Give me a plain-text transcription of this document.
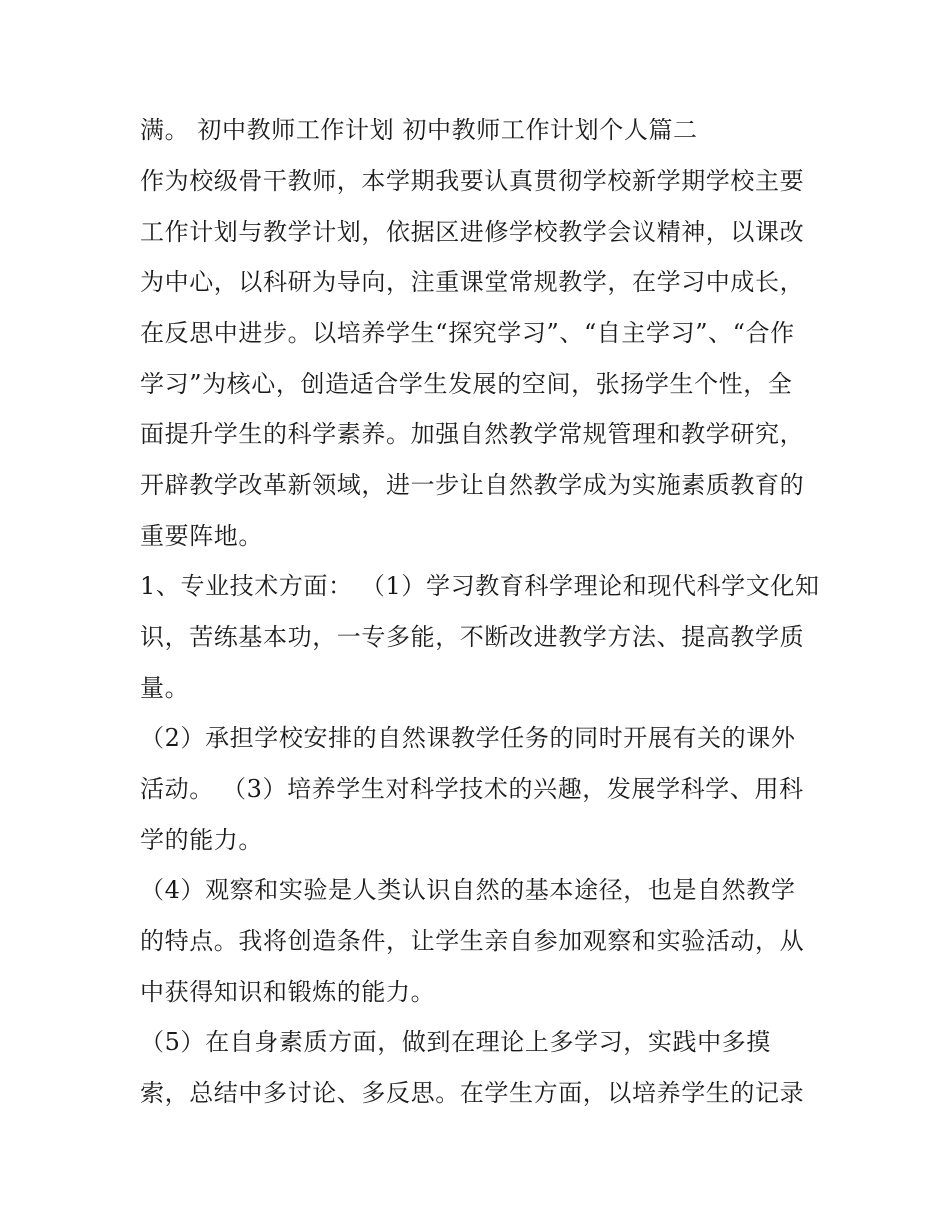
满。 初中教师工作计划 初中教师工作计划个人篇二
作为校级骨干教师，本学期我要认真贯彻学校新学期学校主要
工作计划与教学计划，依据区进修学校教学会议精神，以课改
为中心，以科研为导向，注重课堂常规教学，在学习中成长，
在反思中进步。以培养学生“探究学习”、“自主学习”、“合作
学习”为核心，创造适合学生发展的空间，张扬学生个性，全
面提升学生的科学素养。加强自然教学常规管理和教学研究，
开辟教学改革新领域，进一步让自然教学成为实施素质教育的
重要阵地。
1、专业技术方面： （1）学习教育科学理论和现代科学文化知
识，苦练基本功，一专多能，不断改进教学方法、提高教学质
量。
（2）承担学校安排的自然课教学任务的同时开展有关的课外
活动。 （3）培养学生对科学技术的兴趣，发展学科学、用科
学的能力。
（4）观察和实验是人类认识自然的基本途径，也是自然教学
的特点。我将创造条件，让学生亲自参加观察和实验活动，从
中获得知识和锻炼的能力。
（5）在自身素质方面，做到在理论上多学习，实践中多摸
索，总结中多讨论、多反思。在学生方面，以培养学生的记录
